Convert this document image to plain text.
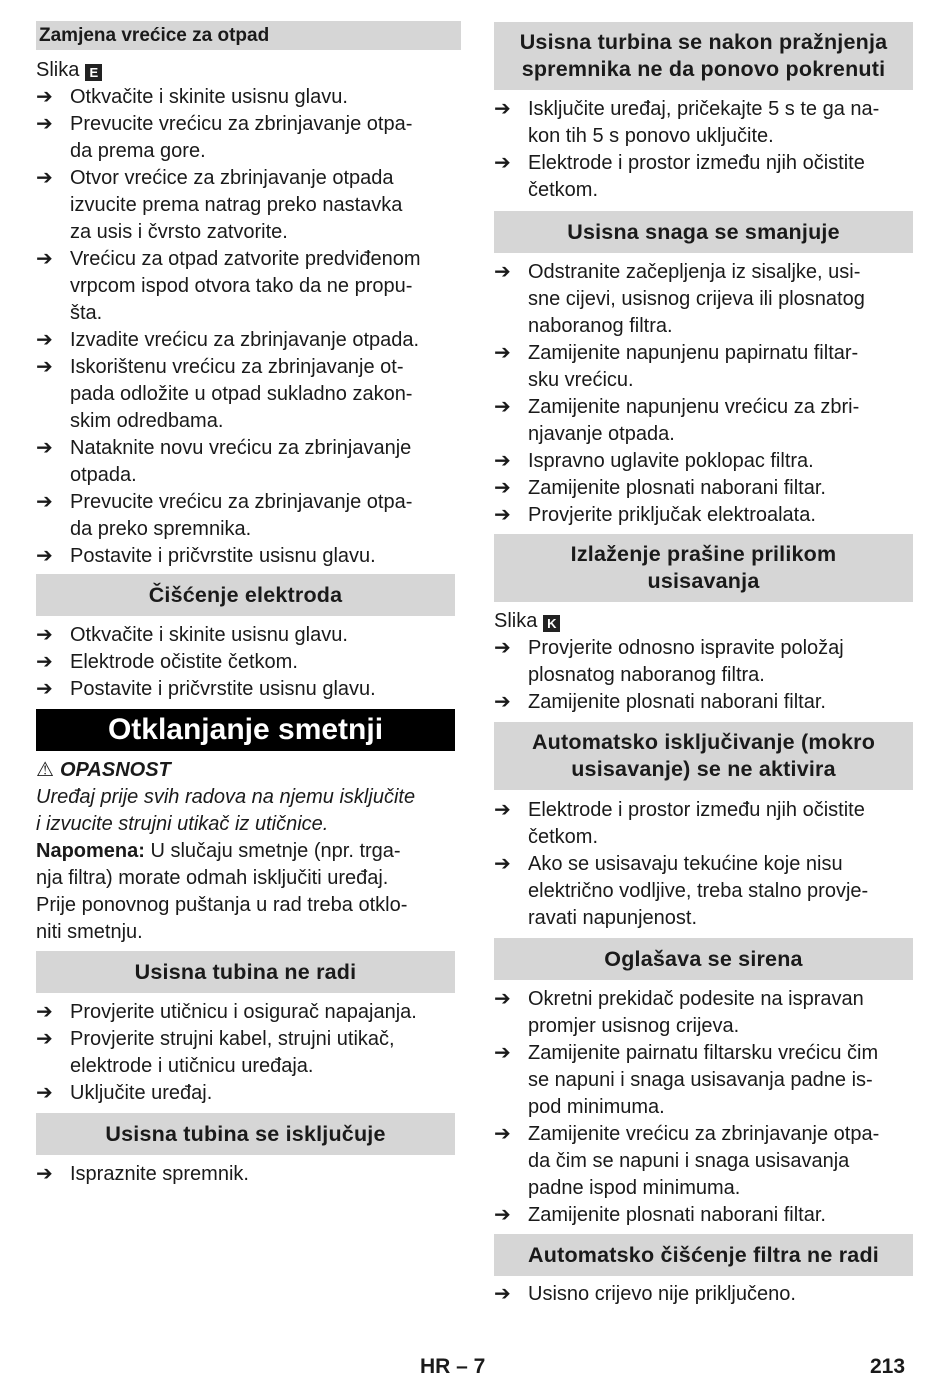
Zamjena vrećice za otpad
Slika E
➔ Otkvačite i skinite usisnu glavu.
➔ Prevucite vrećicu za zbrinjavanje otpa-
da prema gore.
➔ Otvor vrećice za zbrinjavanje otpada
izvucite prema natrag preko nastavka
za usis i čvrsto zatvorite.
➔ Vrećicu za otpad zatvorite predviđenom
vrpcom ispod otvora tako da ne propu-
šta.
➔ Izvadite vrećicu za zbrinjavanje otpada.
➔ Iskorištenu vrećicu za zbrinjavanje ot-
pada odložite u otpad sukladno zakon-
skim odredbama.
➔ Nataknite novu vrećicu za zbrinjavanje
otpada.
➔ Prevucite vrećicu za zbrinjavanje otpa-
da preko spremnika.
➔ Postavite i pričvrstite usisnu glavu.
Čišćenje elektroda
➔ Otkvačite i skinite usisnu glavu.
➔ Elektrode očistite četkom.
➔ Postavite i pričvrstite usisnu glavu.
Otklanjanje smetnji
⚠ OPASNOST
Uređaj prije svih radova na njemu isključite
i izvucite strujni utikač iz utičnice.
Napomena: U slučaju smetnje (npr. trga-
nja filtra) morate odmah isključiti uređaj.
Prije ponovnog puštanja u rad treba otklo-
niti smetnju.
Usisna tubina ne radi
➔ Provjerite utičnicu i osigurač napajanja.
➔ Provjerite strujni kabel, strujni utikač,
elektrode i utičnicu uređaja.
➔ Uključite uređaj.
Usisna tubina se isključuje
➔ Ispraznite spremnik.
Usisna turbina se nakon pražnjenja
spremnika ne da ponovo pokrenuti
➔ Isključite uređaj, pričekajte 5 s te ga na-
kon tih 5 s ponovo uključite.
➔ Elektrode i prostor između njih očistite
četkom.
Usisna snaga se smanjuje
➔ Odstranite začepljenja iz sisaljke, usi-
sne cijevi, usisnog crijeva ili plosnatog
naboranog filtra.
➔ Zamijenite napunjenu papirnatu filtar-
sku vrećicu.
➔ Zamijenite napunjenu vrećicu za zbri-
njavanje otpada.
➔ Ispravno uglavite poklopac filtra.
➔ Zamijenite plosnati naborani filtar.
➔ Provjerite priključak elektroalata.
Izlaženje prašine prilikom
usisavanja
Slika K
➔ Provjerite odnosno ispravite položaj
plosnatog naboranog filtra.
➔ Zamijenite plosnati naborani filtar.
Automatsko isključivanje (mokro
usisavanje) se ne aktivira
➔ Elektrode i prostor između njih očistite
četkom.
➔ Ako se usisavaju tekućine koje nisu
električno vodljive, treba stalno provje-
ravati napunjenost.
Oglašava se sirena
➔ Okretni prekidač podesite na ispravan
promjer usisnog crijeva.
➔ Zamijenite pairnatu filtarsku vrećicu čim
se napuni i snaga usisavanja padne is-
pod minimuma.
➔ Zamijenite vrećicu za zbrinjavanje otpa-
da čim se napuni i snaga usisavanja
padne ispod minimuma.
➔ Zamijenite plosnati naborani filtar.
Automatsko čišćenje filtra ne radi
➔ Usisno crijevo nije priključeno.
HR – 7	213
